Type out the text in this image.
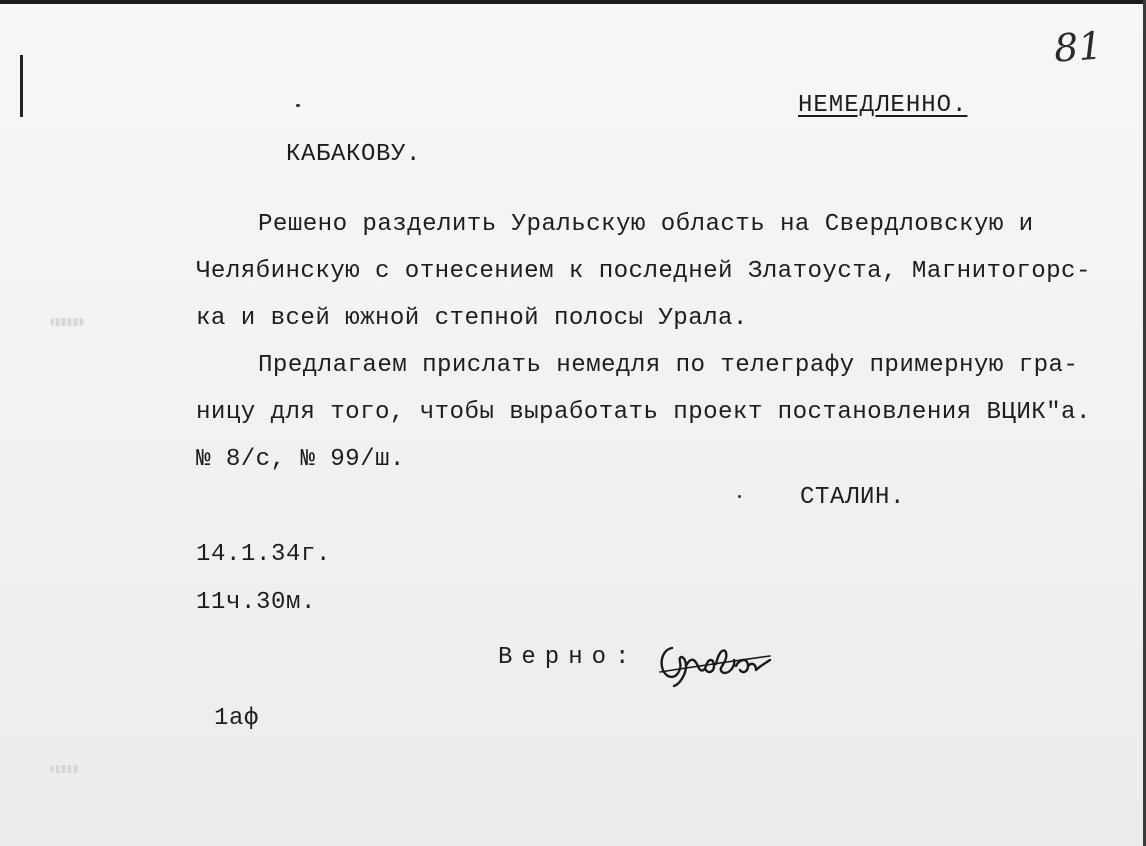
81
НЕМЕДЛЕННО.
КАБАКОВУ.
Решено разделить Уральскую область на Свердловскую и
Челябинскую с отнесением к последней Златоуста, Магнитогорс-
ка и всей южной степной полосы Урала.
Предлагаем прислать немедля по телеграфу примерную гра-
ницу для того, чтобы выработать проект постановления ВЦИК"а.
№ 8/с, № 99/ш.
СТАЛИН.
14.1.34г.
11ч.30м.
Верно:
1аф
